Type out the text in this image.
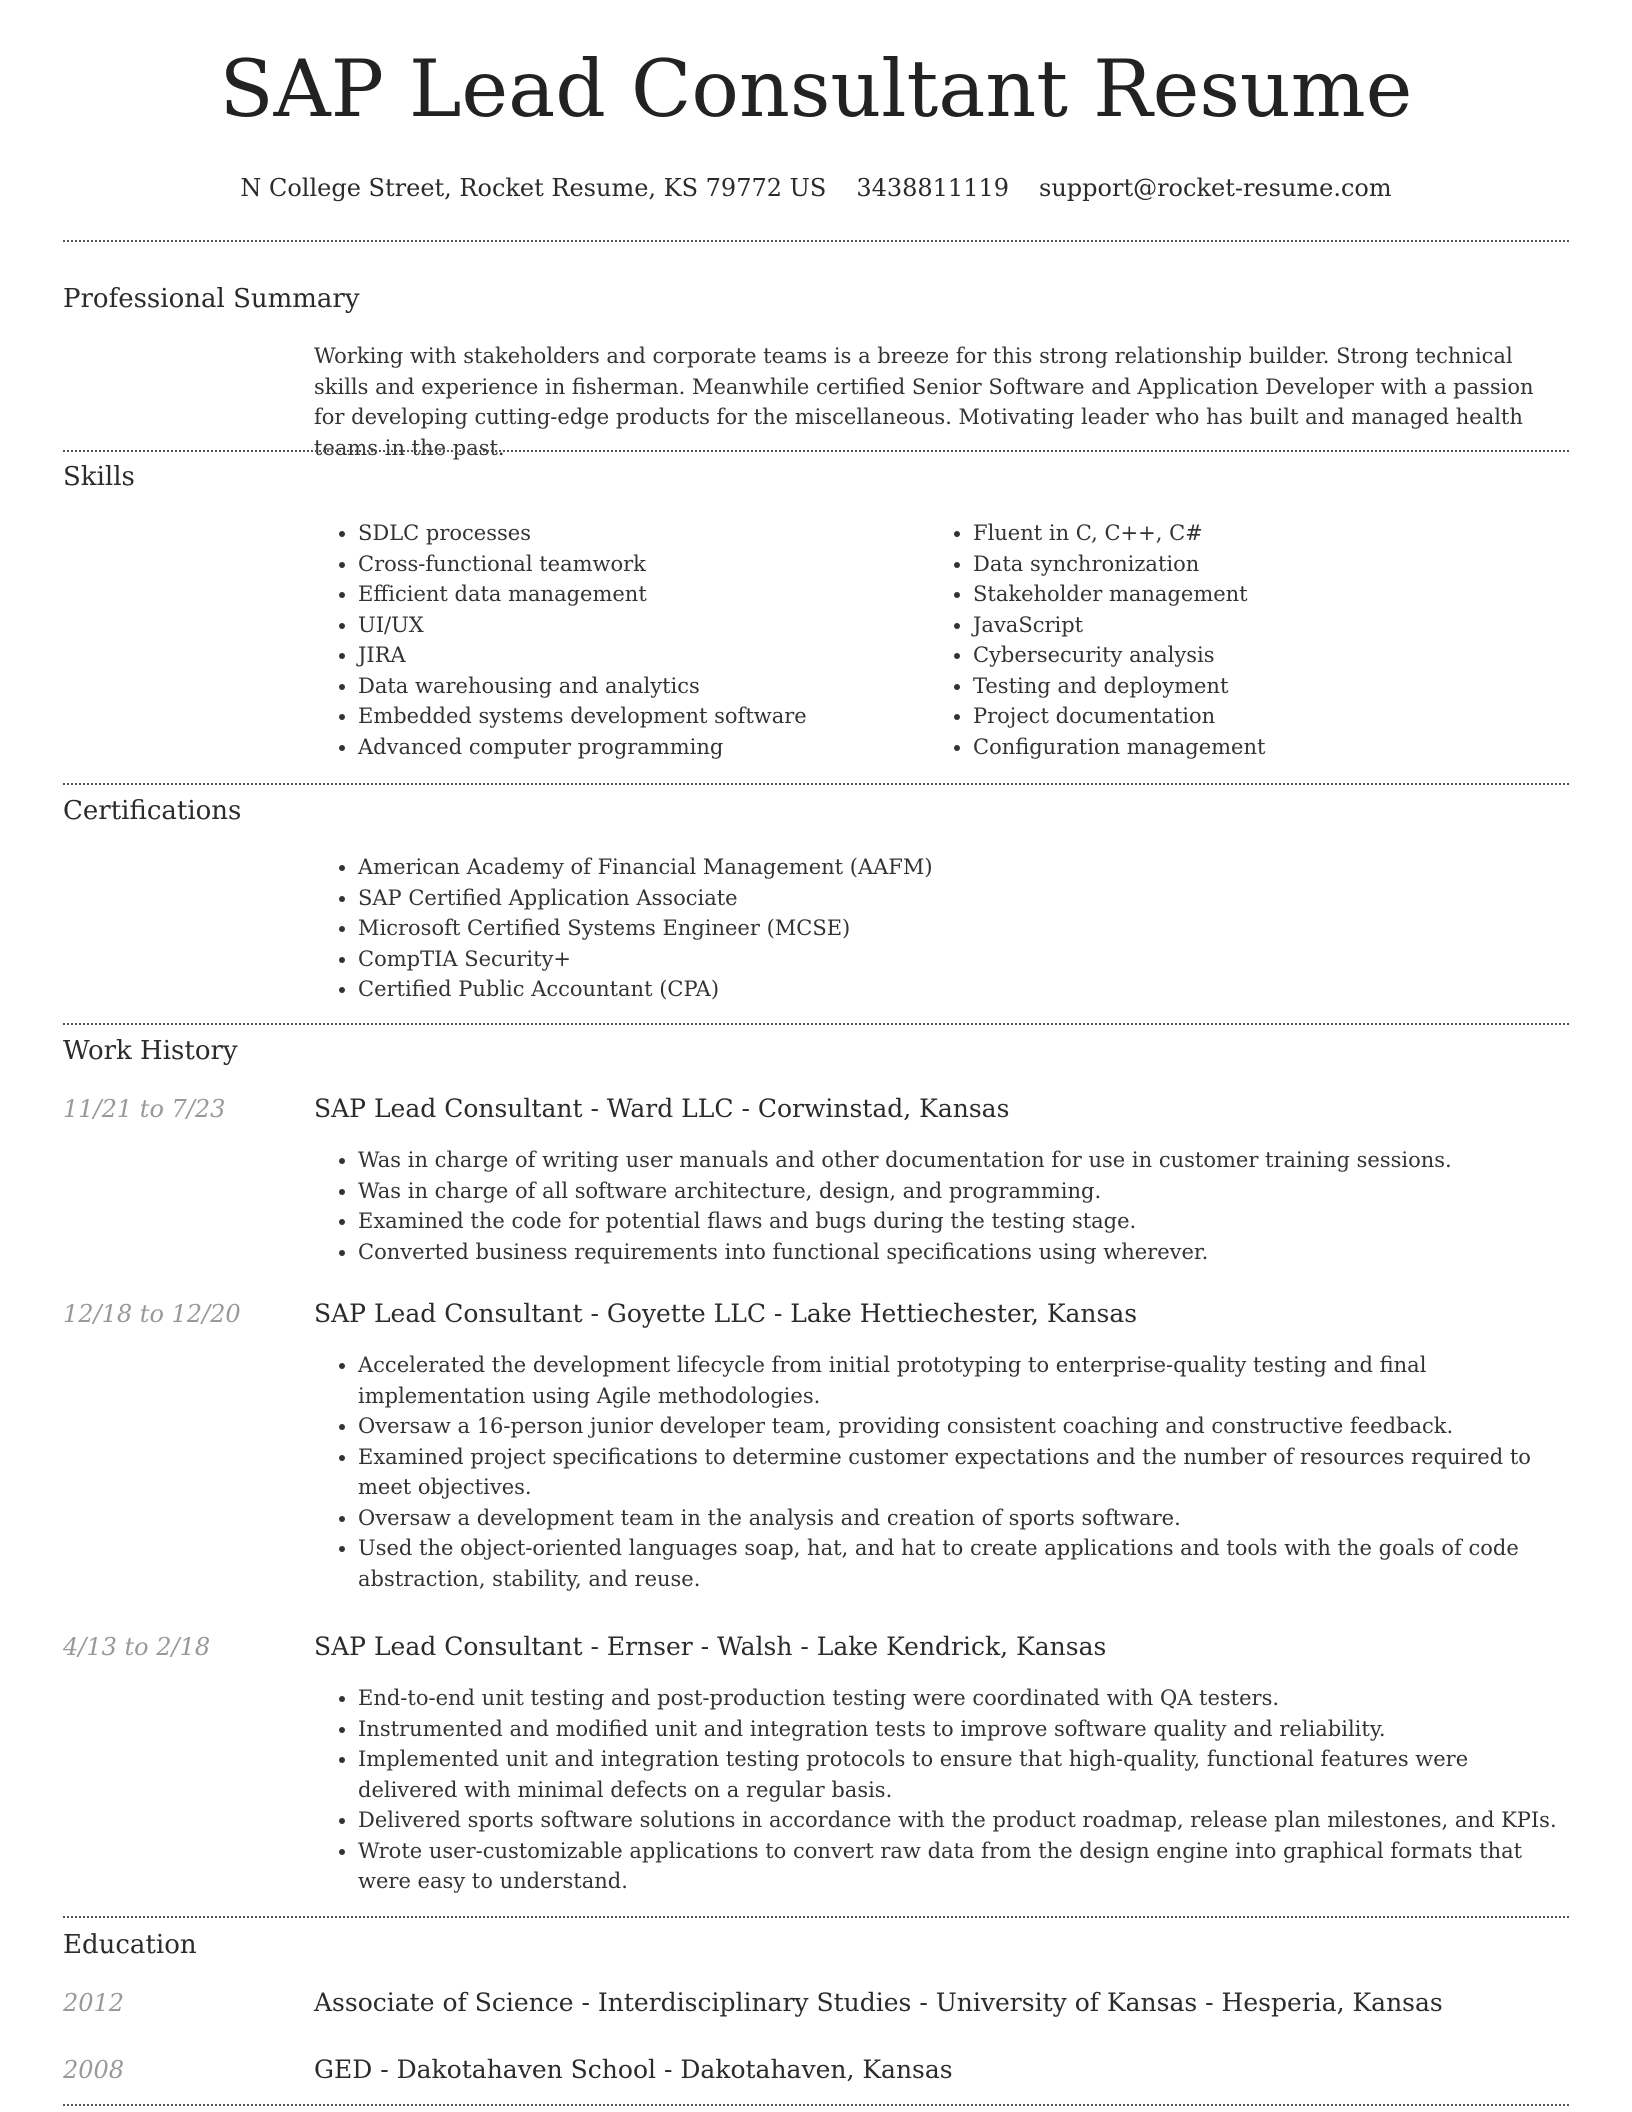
SAP Lead Consultant Resume
N College Street, Rocket Resume, KS 79772 US 3438811119 support@rocket-resume.com
Professional Summary

Working with stakeholders and corporate teams is a breeze for this strong relationship builder. Strong technical skills and experience in fisherman. Meanwhile certified Senior Software and Application Developer with a passion for developing cutting-edge products for the miscellaneous. Motivating leader who has built and managed health teams in the past.

Skills
• SDLC processes
• Cross-functional teamwork
• Efficient data management
• UI/UX
• JIRA
• Data warehousing and analytics
• Embedded systems development software
• Advanced computer programming
• Fluent in C, C++, C#
• Data synchronization
• Stakeholder management
• JavaScript
• Cybersecurity analysis
• Testing and deployment
• Project documentation
• Configuration management
Certifications
• American Academy of Financial Management (AAFM)
• SAP Certified Application Associate
• Microsoft Certified Systems Engineer (MCSE)
• CompTIA Security+
• Certified Public Accountant (CPA)
Work History
11/21 to 7/23	SAP Lead Consultant - Ward LLC - Corwinstad, Kansas
• Was in charge of writing user manuals and other documentation for use in customer training sessions.
• Was in charge of all software architecture, design, and programming.
• Examined the code for potential flaws and bugs during the testing stage.
• Converted business requirements into functional specifications using wherever.
12/18 to 12/20	SAP Lead Consultant - Goyette LLC - Lake Hettiechester, Kansas
• Accelerated the development lifecycle from initial prototyping to enterprise-quality testing and final implementation using Agile methodologies.
• Oversaw a 16-person junior developer team, providing consistent coaching and constructive feedback.
• Examined project specifications to determine customer expectations and the number of resources required to meet objectives.
• Oversaw a development team in the analysis and creation of sports software.
• Used the object-oriented languages soap, hat, and hat to create applications and tools with the goals of code abstraction, stability, and reuse.
4/13 to 2/18	SAP Lead Consultant - Ernser - Walsh - Lake Kendrick, Kansas
• End-to-end unit testing and post-production testing were coordinated with QA testers.
• Instrumented and modified unit and integration tests to improve software quality and reliability.
• Implemented unit and integration testing protocols to ensure that high-quality, functional features were delivered with minimal defects on a regular basis.
• Delivered sports software solutions in accordance with the product roadmap, release plan milestones, and KPIs.
• Wrote user-customizable applications to convert raw data from the design engine into graphical formats that were easy to understand.
Education
2012	Associate of Science - Interdisciplinary Studies - University of Kansas - Hesperia, Kansas
2008	GED - Dakotahaven School - Dakotahaven, Kansas
